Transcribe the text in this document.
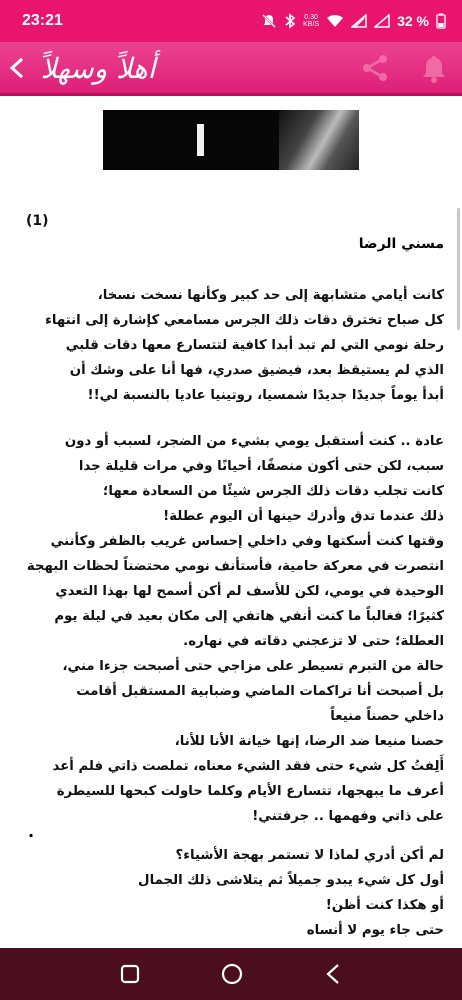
23:21	0.30
KB/S	32 %
أهلاً وسهلاً
(1)
مسني الرضا

كانت أيامي متشابهة إلى حد كبير وكأنها نسخت نسخا،

كل صباح تخترق دقات ذلك الجرس مسامعي كإشارة إلى انتهاء

رحلة نومي التي لم تبد أبدا كافية لتتسارع معها دقات قلبي

الذي لم يستيقظ بعد، فيضيق صدري، فها أنا على وشك أن

أبدأ يوماً جديدًا جديدًا شمسيا، روتينيا عاديا بالنسبة لي!!

عادة .. كنت أستقبل يومي بشيء من الضجر، لسبب أو دون

سبب، لكن حتى أكون منصفًا، أحيانًا وفي مرات قليلة جدا

كانت تجلب دقات ذلك الجرس شيئًا من السعادة معها؛

ذلك عندما تدق وأدرك حينها أن اليوم عطلة!

وقتها كنت أسكتها وفي داخلي إحساس غريب بالظفر وكأنني

انتصرت في معركة حامية، فأستأنف نومي محتضناً لحظات البهجة

الوحيدة في يومي، لكن للأسف لم أكن أسمح لها بهذا التعدي

كثيرًا؛ فغالباً ما كنت أنفي هاتفي إلى مكان بعيد في ليلة يوم

العطلة؛ حتى لا تزعجني دقاته في نهاره.

حالة من التبرم تسيطر على مزاجي حتى أصبحت جزءا مني،

بل أصبحت أنا تراكمات الماضي وضبابية المستقبل أقامت

داخلي حصناً منيعاً

حصنا منيعا ضد الرضا، إنها خيانة الأنا للأنا،

أَلِفتُ كل شيء حتى فقد الشيء معناه، تملصت ذاتي فلم أعد

أعرف ما يبهجها، تتسارع الأيام وكلما حاولت كبحها للسيطرة

على ذاتي وفهمها .. جرفتني!

.

لم أكن أدري لماذا لا تستمر بهجة الأشياء؟

أول كل شيء يبدو جميلاً ثم يتلاشى ذلك الجمال

أو هكذا كنت أظن!

حتى جاء يوم لا أنساه
